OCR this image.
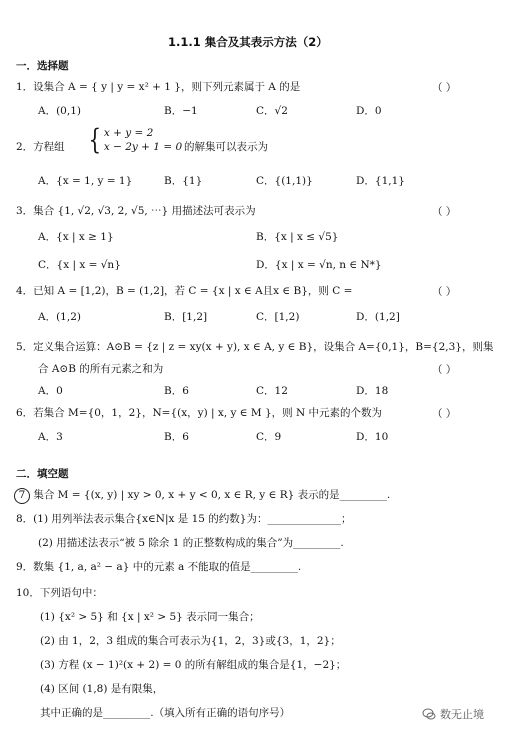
1.1.1 集合及其表示方法（2）
一．选择题
1．设集合 A = { y | y = x² + 1 }，则下列元素属于 A 的是	（ ）
A．(0,1)	B．−1	C．√2	D．0
2．方程组 { x + y = 2
x − 2y + 1 = 0 的解集可以表示为
A．{x = 1, y = 1}	B．{1}	C．{(1,1)}	D．{1,1}
3．集合 {1, √2, √3, 2, √5, ⋯} 用描述法可表示为	（ ）
A．{x | x ≥ 1}	B．{x | x ≤ √5}
C．{x | x = √n}	D．{x | x = √n, n ∈ N*}
4．已知 A = [1,2)，B = (1,2]，若 C = {x | x ∈ A且x ∈ B}，则 C =	（ ）
A．(1,2)	B．[1,2]	C．[1,2)	D．(1,2]
5．定义集合运算：A⊙B = {z | z = xy(x + y), x ∈ A, y ∈ B}，设集合 A={0,1}，B={2,3}，则集
合 A⊙B 的所有元素之和为	（ ）
A．0	B．6	C．12	D．18
6．若集合 M={0，1，2}，N={(x，y) | x, y ∈ M }，则 N 中元素的个数为	（ ）
A．3	B．6	C．9	D．10
二．填空题
7 集合 M = {(x, y) | xy > 0, x + y < 0, x ∈ R, y ∈ R} 表示的是_________.
8．(1) 用列举法表示集合{x∈N|x 是 15 的约数}为：______________；
(2) 用描述法表示“被 5 除余 1 的正整数构成的集合”为_________.
9．数集 {1, a, a² − a} 中的元素 a 不能取的值是_________.
10．下列语句中：
(1) {x² > 5} 和 {x | x² > 5} 表示同一集合；
(2) 由 1，2，3 组成的集合可表示为{1，2，3}或{3，1，2}；
(3) 方程 (x − 1)²(x + 2) = 0 的所有解组成的集合是{1，−2}；
(4) 区间 (1,8) 是有限集，
其中正确的是_________.（填入所有正确的语句序号）	数无止境
